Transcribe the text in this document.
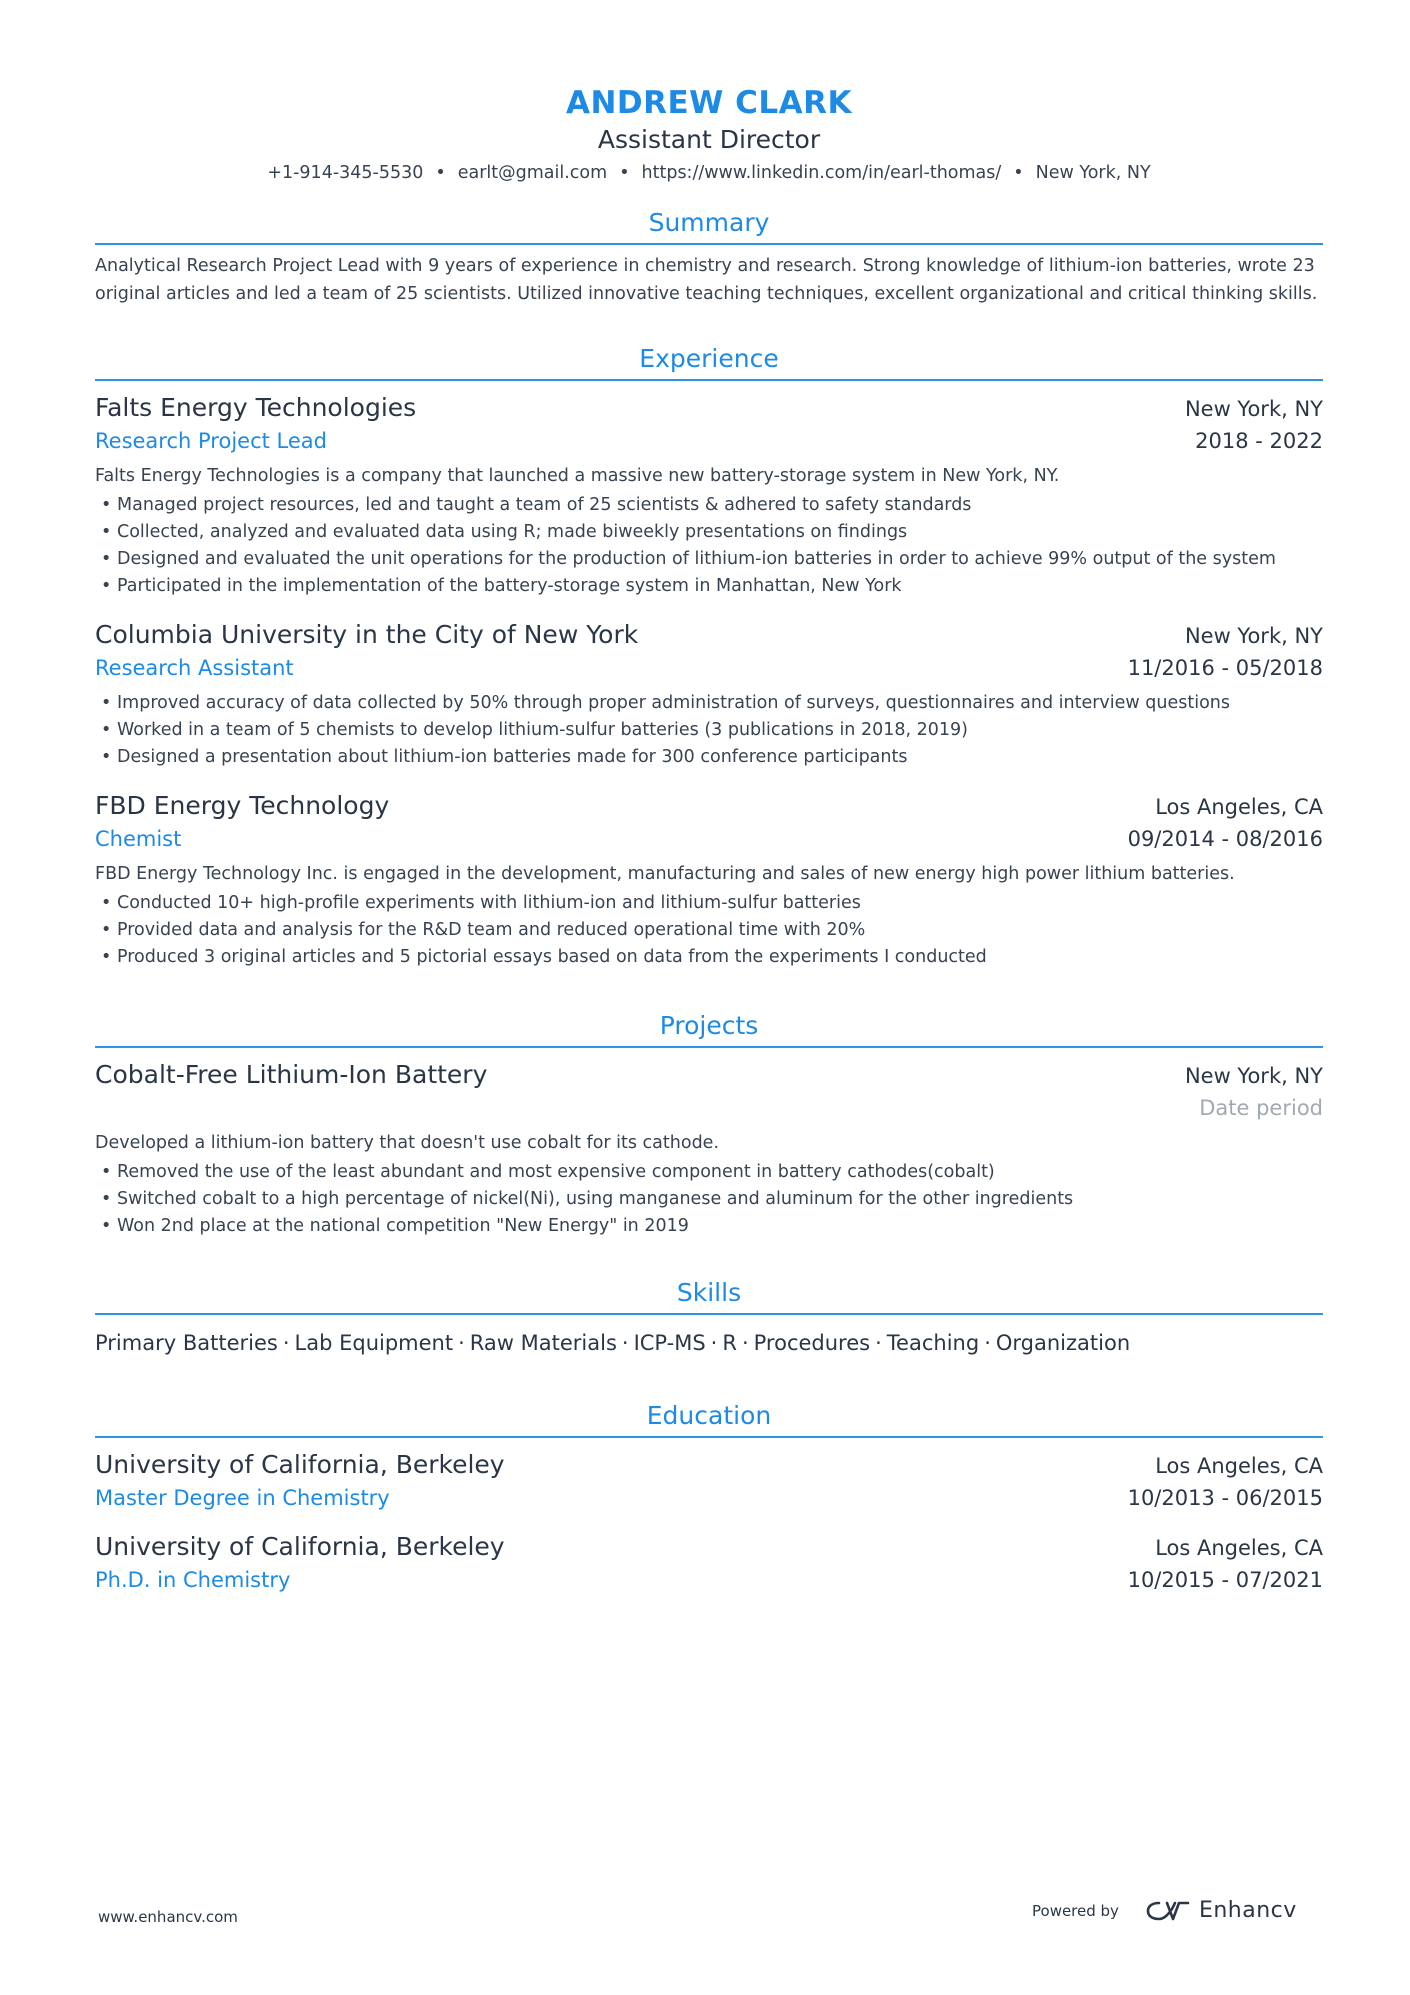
ANDREW CLARK
Assistant Director
+1-914-345-5530 • earlt@gmail.com • https://www.linkedin.com/in/earl-thomas/ • New York, NY
Summary
Analytical Research Project Lead with 9 years of experience in chemistry and research. Strong knowledge of lithium-ion batteries, wrote 23 original articles and led a team of 25 scientists. Utilized innovative teaching techniques, excellent organizational and critical thinking skills.
Experience
Falts Energy Technologies	New York, NY
Research Project Lead	2018 - 2022
Falts Energy Technologies is a company that launched a massive new battery-storage system in New York, NY.
• Managed project resources, led and taught a team of 25 scientists & adhered to safety standards
• Collected, analyzed and evaluated data using R; made biweekly presentations on findings
• Designed and evaluated the unit operations for the production of lithium-ion batteries in order to achieve 99% output of the system
• Participated in the implementation of the battery-storage system in Manhattan, New York
Columbia University in the City of New York	New York, NY
Research Assistant	11/2016 - 05/2018
• Improved accuracy of data collected by 50% through proper administration of surveys, questionnaires and interview questions
• Worked in a team of 5 chemists to develop lithium-sulfur batteries (3 publications in 2018, 2019)
• Designed a presentation about lithium-ion batteries made for 300 conference participants
FBD Energy Technology	Los Angeles, CA
Chemist	09/2014 - 08/2016
FBD Energy Technology Inc. is engaged in the development, manufacturing and sales of new energy high power lithium batteries.
• Conducted 10+ high-profile experiments with lithium-ion and lithium-sulfur batteries
• Provided data and analysis for the R&D team and reduced operational time with 20%
• Produced 3 original articles and 5 pictorial essays based on data from the experiments I conducted
Projects
Cobalt-Free Lithium-Ion Battery	New York, NY
Date period
Developed a lithium-ion battery that doesn't use cobalt for its cathode.
• Removed the use of the least abundant and most expensive component in battery cathodes(cobalt)
• Switched cobalt to a high percentage of nickel(Ni), using manganese and aluminum for the other ingredients
• Won 2nd place at the national competition "New Energy" in 2019
Skills
Primary Batteries · Lab Equipment · Raw Materials · ICP-MS · R · Procedures · Teaching · Organization
Education
University of California, Berkeley	Los Angeles, CA
Master Degree in Chemistry	10/2013 - 06/2015
University of California, Berkeley	Los Angeles, CA
Ph.D. in Chemistry	10/2015 - 07/2021
www.enhancv.com	Powered by	Enhancv
